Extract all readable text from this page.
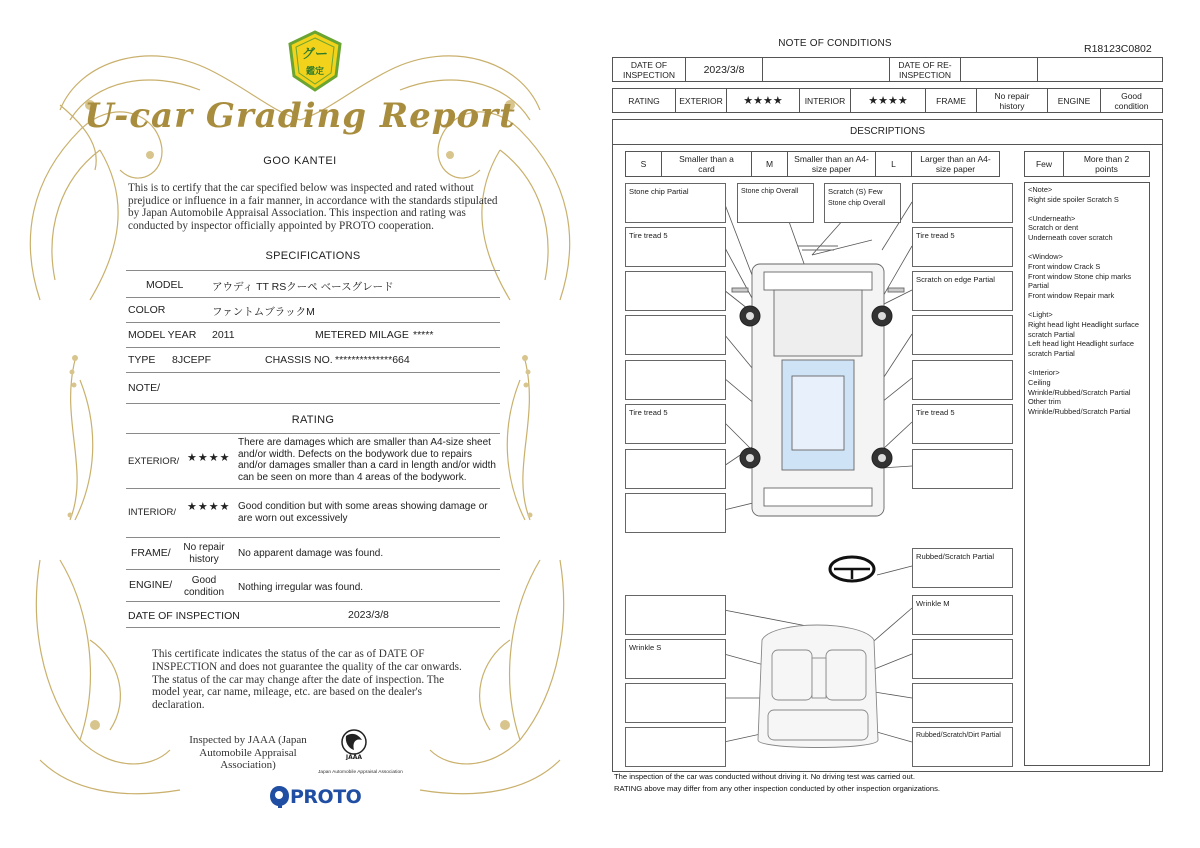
グー
鑑定
U-car Grading Report
GOO KANTEI
This is to certify that the car specified below was inspected and rated without prejudice or influence in a fair manner, in accordance with the standards stipulated by Japan Automobile Appraisal Association. This inspection and rating was conducted by inspector officially appointed by PROTO cooperation.
SPECIFICATIONS
MODEL	アウディ TT RSクーペ ベースグレード
COLOR	ファントムブラックM
MODEL YEAR 2011	METERED MILAGE *****
TYPE 8JCEPF	CHASSIS NO. **************664
NOTE/
RATING
EXTERIOR/ ★★★★
There are damages which are smaller than A4-size sheet and/or width. Defects on the bodywork due to repairs and/or damages smaller than a card in length and/or width can be seen on more than 4 areas of the bodywork.
INTERIOR/ ★★★★ Good condition but with some areas showing damage or are worn out excessively
FRAME/	No repair history	No apparent damage was found.
ENGINE/	Good condition	Nothing irregular was found.
DATE OF INSPECTION	2023/3/8
This certificate indicates the status of the car as of DATE OF INSPECTION and does not guarantee the quality of the car onwards. The status of the car may change after the date of inspection. The model year, car name, mileage, etc. are based on the dealer's declaration.
Inspected by JAAA (Japan Automobile Appraisal Association)
JAAA
Japan Automobile Appraisal Association
PROTO
NOTE OF CONDITIONS	R18123C0802
DATE OF INSPECTION	2023/3/8	DATE OF RE-INSPECTION
RATING	EXTERIOR	★★★★	INTERIOR	★★★★	FRAME	No repair history	ENGINE	Good condition
DESCRIPTIONS
S	Smaller than a card	M	Smaller than an A4-size paper	L	Larger than an A4-size paper	Few	More than 2 points
Stone chip Partial	Stone chip Overall	Scratch (S) Few
Stone chip Overall
Tire tread 5	Tire tread 5
Scratch on edge Partial
Tire tread 5	Tire tread 5
Rubbed/Scratch Partial
Wrinkle M
Wrinkle S
Rubbed/Scratch/Dirt Partial
<Note>
Right side spoiler Scratch S
<Underneath>
Scratch or dent
Underneath cover scratch
<Window>
Front window Crack S
Front window Stone chip marks Partial
Front window Repair mark
<Light>
Right head light Headlight surface scratch Partial
Left head light Headlight surface scratch Partial
<Interior>
Ceiling
Wrinkle/Rubbed/Scratch Partial
Other trim
Wrinkle/Rubbed/Scratch Partial
The inspection of the car was conducted without driving it. No driving test was carried out.
RATING above may differ from any other inspection conducted by other inspection organizations.
